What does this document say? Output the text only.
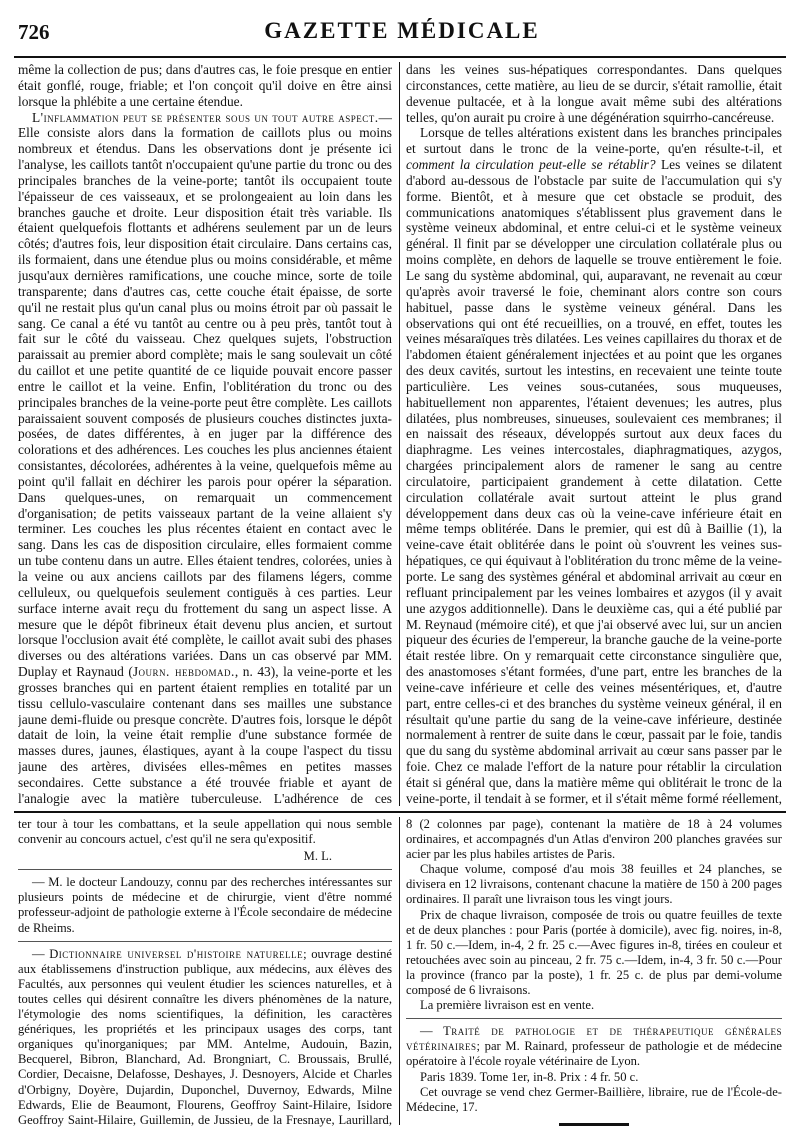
726	GAZETTE MÉDICALE

même la collection de pus; dans d'autres cas, le foie presque en entier était gonflé, rouge, friable; et l'on conçoit qu'il doive en être ainsi lorsque la phlébite a une certaine étendue.

L'inflammation peut se présenter sous un tout autre aspect.— Elle consiste alors dans la formation de caillots plus ou moins nombreux et étendus. Dans les observations dont je présente ici l'analyse, les caillots tantôt n'occupaient qu'une partie du tronc ou des principales branches de la veine-porte; tantôt ils occupaient toute l'épaisseur de ces vaisseaux, et se prolongeaient au loin dans les branches gauche et droite. Leur disposition était très variable. Ils étaient quelquefois flottants et adhérens seulement par un de leurs côtés; d'autres fois, leur disposition était circulaire. Dans certains cas, ils formaient, dans une étendue plus ou moins considérable, et même jusqu'aux dernières ramifications, une couche mince, sorte de toile transparente; dans d'autres cas, cette couche était épaisse, de sorte qu'il ne restait plus qu'un canal plus ou moins étroit par où passait le sang. Ce canal a été vu tantôt au centre ou à peu près, tantôt tout à fait sur le côté du vaisseau. Chez quelques sujets, l'obstruction paraissait au premier abord complète; mais le sang soulevait un côté du caillot et une petite quantité de ce liquide pouvait encore passer entre le caillot et la veine. Enfin, l'oblitération du tronc ou des principales branches de la veine-porte peut être complète. Les caillots paraissaient souvent composés de plusieurs couches distinctes juxta-posées, de dates différentes, à en juger par la différence des colorations et des adhérences. Les couches les plus anciennes étaient consistantes, décolorées, adhérentes à la veine, quelquefois même au point qu'il fallait en déchirer les parois pour opérer la séparation. Dans quelques-unes, on remarquait un commencement d'organisation; de petits vaisseaux partant de la veine allaient s'y terminer. Les couches les plus récentes étaient en contact avec le sang. Dans les cas de disposition circulaire, elles formaient comme un tube contenu dans un autre. Elles étaient tendres, colorées, unies à la veine ou aux anciens caillots par des filamens légers, comme celluleux, ou quelquefois seulement contiguës à ces parties. Leur surface interne avait reçu du frottement du sang un aspect lisse. A mesure que le dépôt fibrineux était devenu plus ancien, et surtout lorsque l'occlusion avait été complète, le caillot avait subi des phases diverses ou des altérations variées. Dans un cas observé par MM. Duplay et Raynaud (Journ. hebdomad., n. 43), la veine-porte et les grosses branches qui en partent étaient remplies en totalité par un tissu cellulo-vasculaire contenant dans ses mailles une substance jaune demi-fluide ou presque concrète. D'autres fois, lorsque le dépôt datait de loin, la veine était remplie d'une substance formée de masses dures, jaunes, élastiques, ayant à la coupe l'aspect du tissu jaune des artères, divisées elles-mêmes en petites masses secondaires. Cette substance a été trouvée friable et ayant de l'analogie avec la matière tuberculeuse. L'adhérence de ces

dans les veines sus-hépatiques correspondantes. Dans quelques circonstances, cette matière, au lieu de se durcir, s'était ramollie, était devenue pultacée, et à la longue avait même subi des altérations telles, qu'on aurait pu croire à une dégénération squirrho-cancéreuse.

Lorsque de telles altérations existent dans les branches principales et surtout dans le tronc de la veine-porte, qu'en résulte-t-il, et comment la circulation peut-elle se rétablir? Les veines se dilatent d'abord au-dessous de l'obstacle par suite de l'accumulation qui s'y forme. Bientôt, et à mesure que cet obstacle se produit, des communications anatomiques s'établissent plus gravement dans le système veineux abdominal, et entre celui-ci et le système veineux général. Il finit par se développer une circulation collatérale plus ou moins complète, en dehors de laquelle se trouve entièrement le foie. Le sang du système abdominal, qui, auparavant, ne revenait au cœur qu'après avoir traversé le foie, cheminant alors contre son cours habituel, passe dans le système veineux général. Dans les observations qui ont été recueillies, on a trouvé, en effet, toutes les veines mésaraïques très dilatées. Les veines capillaires du thorax et de l'abdomen étaient généralement injectées et au point que les organes des deux cavités, surtout les intestins, en recevaient une teinte toute particulière. Les veines sous-cutanées, sous muqueuses, habituellement non apparentes, l'étaient devenues; les autres, plus dilatées, plus nombreuses, sinueuses, soulevaient ces membranes; il en naissait des réseaux, développés surtout aux deux faces du diaphragme. Les veines intercostales, diaphragmatiques, azygos, chargées principalement alors de ramener le sang au centre circulatoire, participaient grandement à cette dilatation. Cette circulation collatérale avait surtout atteint le plus grand développement dans deux cas où la veine-cave inférieure était en même temps oblitérée. Dans le premier, qui est dû à Baillie (1), la veine-cave était oblitérée dans le point où s'ouvrent les veines sus-hépatiques, ce qui équivaut à l'oblitération du tronc même de la veine-porte. Le sang des systèmes général et abdominal arrivait au cœur en refluant principalement par les veines lombaires et azygos (il y avait une azygos additionnelle). Dans le deuxième cas, qui a été publié par M. Reynaud (mémoire cité), et que j'ai observé avec lui, sur un ancien piqueur des écuries de l'empereur, la branche gauche de la veine-porte était restée libre. On y remarquait cette circonstance singulière que, des anastomoses s'étant formées, d'une part, entre les branches de la veine-cave inférieure et celle des veines mésentériques, et, d'autre part, entre celles-ci et des branches du système veineux général, il en résultait qu'une partie du sang de la veine-cave inférieure, destinée normalement à rentrer de suite dans le cœur, passait par le foie, tandis que du sang du système abdominal arrivait au cœur sans passer par le foie. Chez ce malade l'effort de la nature pour rétablir la circulation était si général que, dans la matière même qui oblitérait le tronc de la veine-porte, il tendait à se former, et il s'était même formé réellement,

ter tour à tour les combattans, et la seule appellation qui nous semble convenir au concours actuel, c'est qu'il ne sera qu'expositif.

M. L.

— M. le docteur Landouzy, connu par des recherches intéressantes sur plusieurs points de médecine et de chirurgie, vient d'être nommé professeur-adjoint de pathologie externe à l'École secondaire de médecine de Rheims.

— Dictionnaire universel d'histoire naturelle; ouvrage destiné aux établissemens d'instruction publique, aux médecins, aux élèves des Facultés, aux personnes qui veulent étudier les sciences naturelles, et à toutes celles qui désirent connaître les divers phénomènes de la nature, l'étymologie des noms scientifiques, la définition, les caractères génériques, les propriétés et les principaux usages des corps, tant organiques qu'inorganiques; par MM. Antelme, Audouin, Bazin, Becquerel, Bibron, Blanchard, Ad. Brongniart, C. Broussais, Brullé, Cordier, Decaisne, Delafosse, Deshayes, J. Desnoyers, Alcide et Charles d'Orbigny, Doyère, Dujardin, Duponchel, Duvernoy, Edwards, Milne Edwards, Elie de Beaumont, Flourens, Geoffroy Saint-Hilaire, Isidore Geoffroy Saint-Hilaire, Guillemin, de Jussieu, de la Fresnaye, Laurillard,

8 (2 colonnes par page), contenant la matière de 18 à 24 volumes ordinaires, et accompagnés d'un Atlas d'environ 200 planches gravées sur acier par les plus habiles artistes de Paris.

Chaque volume, composé d'au mois 38 feuilles et 24 planches, se divisera en 12 livraisons, contenant chacune la matière de 150 à 200 pages ordinaires. Il paraît une livraison tous les vingt jours.

Prix de chaque livraison, composée de trois ou quatre feuilles de texte et de deux planches : pour Paris (portée à domicile), avec fig. noires, in-8, 1 fr. 50 c.—Idem, in-4, 2 fr. 25 c.—Avec figures in-8, tirées en couleur et retouchées avec soin au pinceau, 2 fr. 75 c.—Idem, in-4, 3 fr. 50 c.—Pour la province (franco par la poste), 1 fr. 25 c. de plus par demi-volume composé de 6 livraisons.

La première livraison est en vente.

— Traité de pathologie et de thérapeutique générales vétérinaires; par M. Rainard, professeur de pathologie et de médecine opératoire à l'école royale vétérinaire de Lyon.

Paris 1839. Tome 1er, in-8. Prix : 4 fr. 50 c.

Cet ouvrage se vend chez Germer-Baillière, libraire, rue de l'École-de-Médecine, 17.
